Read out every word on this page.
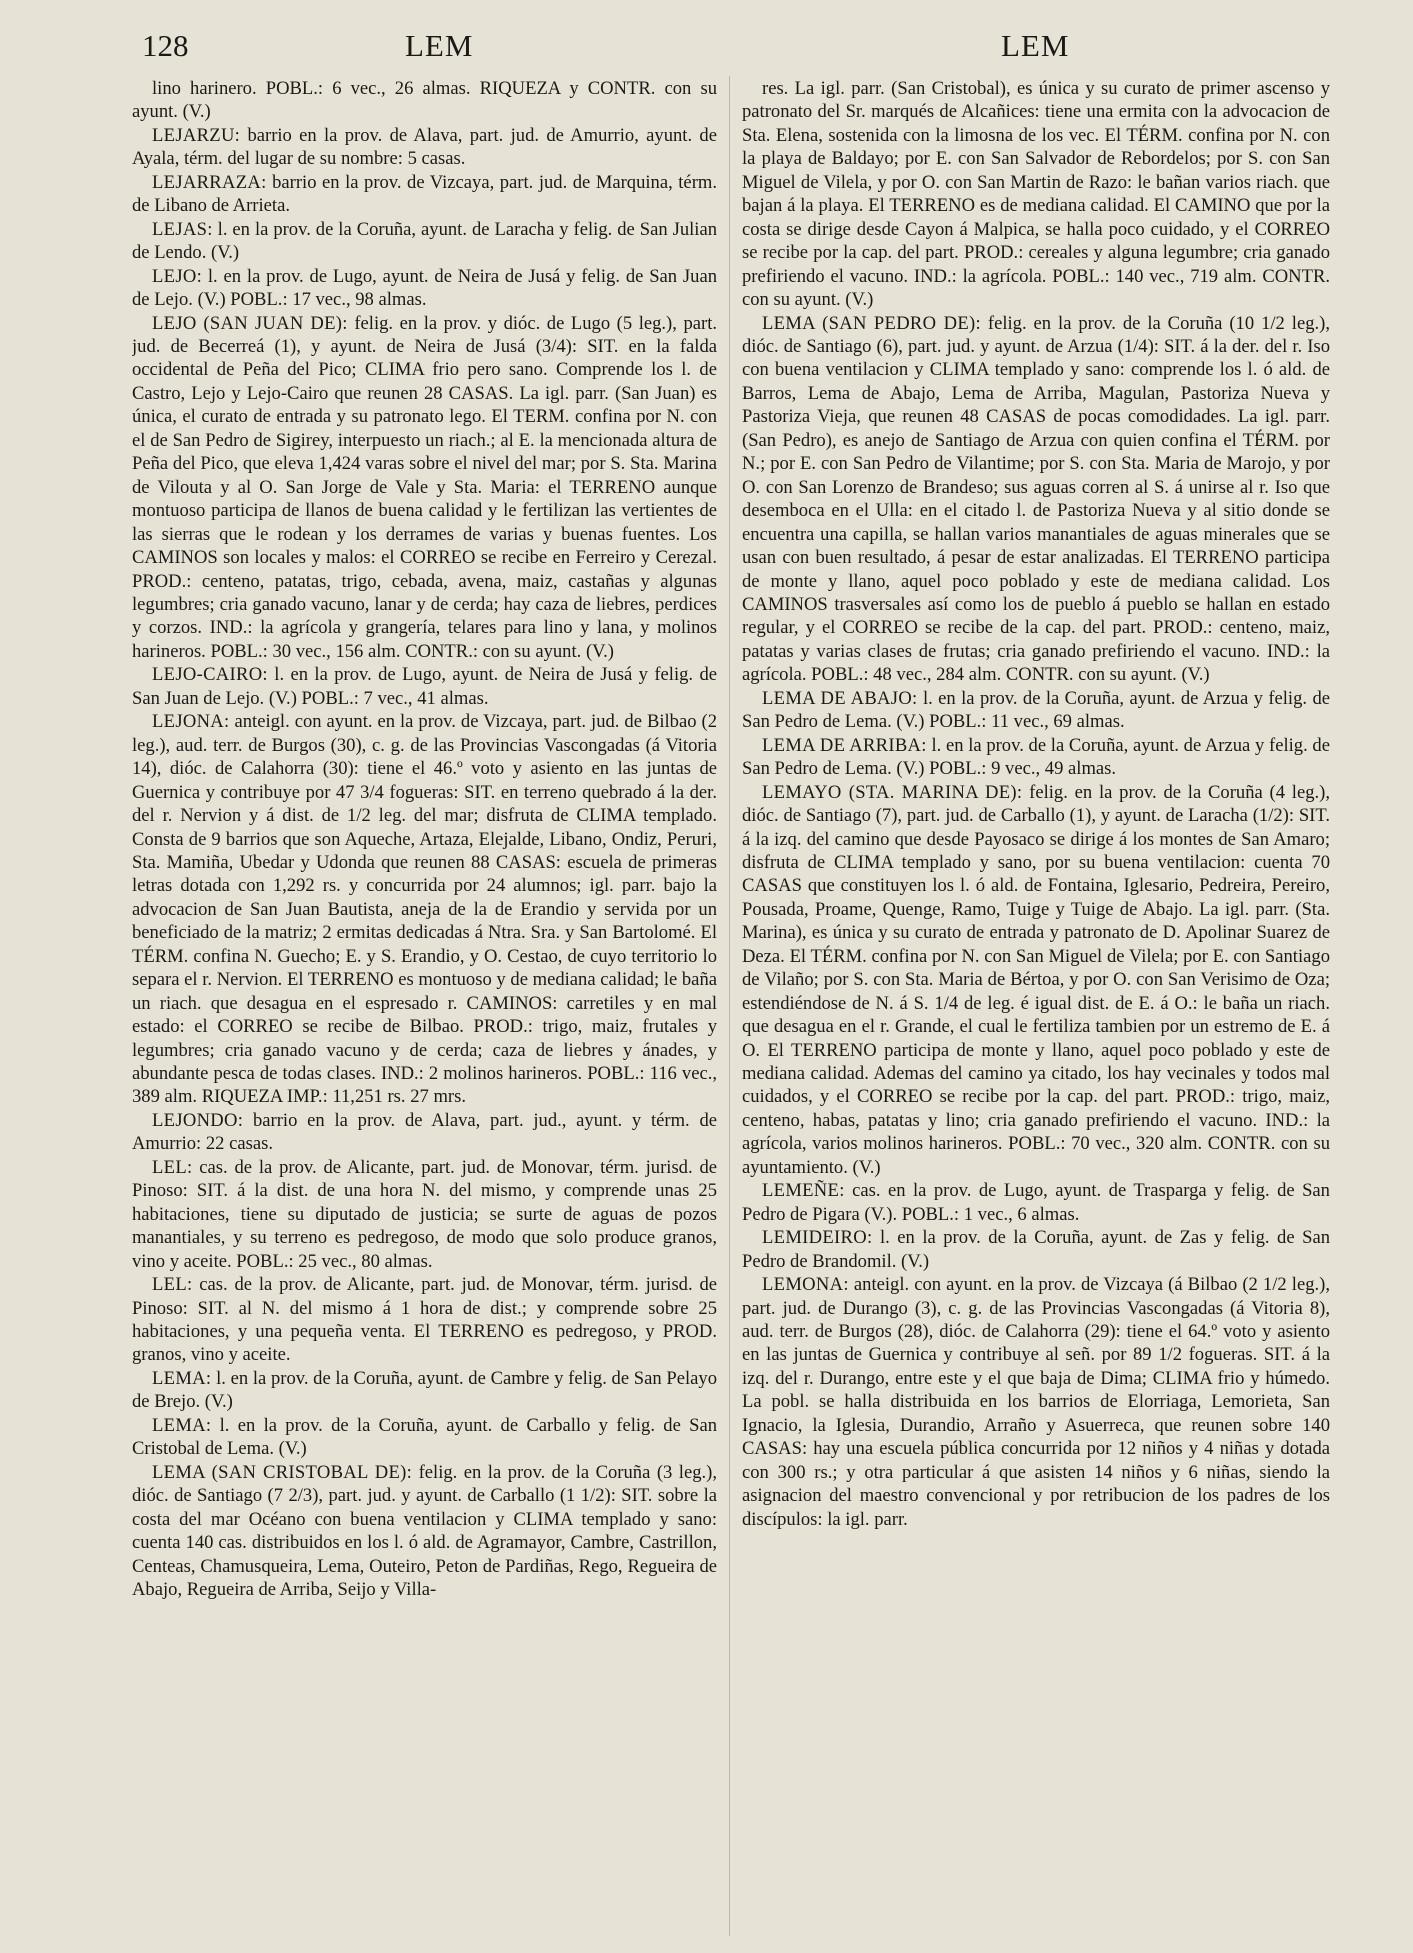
128	LEM	LEM

lino harinero. POBL.: 6 vec., 26 almas. RIQUEZA y CONTR. con su ayunt. (V.)

LEJARZU: barrio en la prov. de Alava, part. jud. de Amurrio, ayunt. de Ayala, térm. del lugar de su nombre: 5 casas.

LEJARRAZA: barrio en la prov. de Vizcaya, part. jud. de Marquina, térm. de Libano de Arrieta.

LEJAS: l. en la prov. de la Coruña, ayunt. de Laracha y felig. de San Julian de Lendo. (V.)

LEJO: l. en la prov. de Lugo, ayunt. de Neira de Jusá y felig. de San Juan de Lejo. (V.) POBL.: 17 vec., 98 almas.

LEJO (SAN JUAN DE): felig. en la prov. y dióc. de Lugo (5 leg.), part. jud. de Becerreá (1), y ayunt. de Neira de Jusá (3/4): SIT. en la falda occidental de Peña del Pico; CLIMA frio pero sano. Comprende los l. de Castro, Lejo y Lejo-Cairo que reunen 28 CASAS. La igl. parr. (San Juan) es única, el curato de entrada y su patronato lego. El TERM. confina por N. con el de San Pedro de Sigirey, interpuesto un riach.; al E. la mencionada altura de Peña del Pico, que eleva 1,424 varas sobre el nivel del mar; por S. Sta. Marina de Vilouta y al O. San Jorge de Vale y Sta. Maria: el TERRENO aunque montuoso participa de llanos de buena calidad y le fertilizan las vertientes de las sierras que le rodean y los derrames de varias y buenas fuentes. Los CAMINOS son locales y malos: el CORREO se recibe en Ferreiro y Cerezal. PROD.: centeno, patatas, trigo, cebada, avena, maiz, castañas y algunas legumbres; cria ganado vacuno, lanar y de cerda; hay caza de liebres, perdices y corzos. IND.: la agrícola y grangería, telares para lino y lana, y molinos harineros. POBL.: 30 vec., 156 alm. CONTR.: con su ayunt. (V.)

LEJO-CAIRO: l. en la prov. de Lugo, ayunt. de Neira de Jusá y felig. de San Juan de Lejo. (V.) POBL.: 7 vec., 41 almas.

LEJONA: anteigl. con ayunt. en la prov. de Vizcaya, part. jud. de Bilbao (2 leg.), aud. terr. de Burgos (30), c. g. de las Provincias Vascongadas (á Vitoria 14), dióc. de Calahorra (30): tiene el 46.º voto y asiento en las juntas de Guernica y contribuye por 47 3/4 fogueras: SIT. en terreno quebrado á la der. del r. Nervion y á dist. de 1/2 leg. del mar; disfruta de CLIMA templado. Consta de 9 barrios que son Aqueche, Artaza, Elejalde, Libano, Ondiz, Peruri, Sta. Mamiña, Ubedar y Udonda que reunen 88 CASAS: escuela de primeras letras dotada con 1,292 rs. y concurrida por 24 alumnos; igl. parr. bajo la advocacion de San Juan Bautista, aneja de la de Erandio y servida por un beneficiado de la matriz; 2 ermitas dedicadas á Ntra. Sra. y San Bartolomé. El TÉRM. confina N. Guecho; E. y S. Erandio, y O. Cestao, de cuyo territorio lo separa el r. Nervion. El TERRENO es montuoso y de mediana calidad; le baña un riach. que desagua en el espresado r. CAMINOS: carretiles y en mal estado: el CORREO se recibe de Bilbao. PROD.: trigo, maiz, frutales y legumbres; cria ganado vacuno y de cerda; caza de liebres y ánades, y abundante pesca de todas clases. IND.: 2 molinos harineros. POBL.: 116 vec., 389 alm. RIQUEZA IMP.: 11,251 rs. 27 mrs.

LEJONDO: barrio en la prov. de Alava, part. jud., ayunt. y térm. de Amurrio: 22 casas.

LEL: cas. de la prov. de Alicante, part. jud. de Monovar, térm. jurisd. de Pinoso: SIT. á la dist. de una hora N. del mismo, y comprende unas 25 habitaciones, tiene su diputado de justicia; se surte de aguas de pozos manantiales, y su terreno es pedregoso, de modo que solo produce granos, vino y aceite. POBL.: 25 vec., 80 almas.

LEL: cas. de la prov. de Alicante, part. jud. de Monovar, térm. jurisd. de Pinoso: SIT. al N. del mismo á 1 hora de dist.; y comprende sobre 25 habitaciones, y una pequeña venta. El TERRENO es pedregoso, y PROD. granos, vino y aceite.

LEMA: l. en la prov. de la Coruña, ayunt. de Cambre y felig. de San Pelayo de Brejo. (V.)

LEMA: l. en la prov. de la Coruña, ayunt. de Carballo y felig. de San Cristobal de Lema. (V.)

LEMA (SAN CRISTOBAL DE): felig. en la prov. de la Coruña (3 leg.), dióc. de Santiago (7 2/3), part. jud. y ayunt. de Carballo (1 1/2): SIT. sobre la costa del mar Océano con buena ventilacion y CLIMA templado y sano: cuenta 140 cas. distribuidos en los l. ó ald. de Agramayor, Cambre, Castrillon, Centeas, Chamusqueira, Lema, Outeiro, Peton de Pardiñas, Rego, Regueira de Abajo, Regueira de Arriba, Seijo y Villa-

res. La igl. parr. (San Cristobal), es única y su curato de primer ascenso y patronato del Sr. marqués de Alcañices: tiene una ermita con la advocacion de Sta. Elena, sostenida con la limosna de los vec. El TÉRM. confina por N. con la playa de Baldayo; por E. con San Salvador de Rebordelos; por S. con San Miguel de Vilela, y por O. con San Martin de Razo: le bañan varios riach. que bajan á la playa. El TERRENO es de mediana calidad. El CAMINO que por la costa se dirige desde Cayon á Malpica, se halla poco cuidado, y el CORREO se recibe por la cap. del part. PROD.: cereales y alguna legumbre; cria ganado prefiriendo el vacuno. IND.: la agrícola. POBL.: 140 vec., 719 alm. CONTR. con su ayunt. (V.)

LEMA (SAN PEDRO DE): felig. en la prov. de la Coruña (10 1/2 leg.), dióc. de Santiago (6), part. jud. y ayunt. de Arzua (1/4): SIT. á la der. del r. Iso con buena ventilacion y CLIMA templado y sano: comprende los l. ó ald. de Barros, Lema de Abajo, Lema de Arriba, Magulan, Pastoriza Nueva y Pastoriza Vieja, que reunen 48 CASAS de pocas comodidades. La igl. parr. (San Pedro), es anejo de Santiago de Arzua con quien confina el TÉRM. por N.; por E. con San Pedro de Vilantime; por S. con Sta. Maria de Marojo, y por O. con San Lorenzo de Brandeso; sus aguas corren al S. á unirse al r. Iso que desemboca en el Ulla: en el citado l. de Pastoriza Nueva y al sitio donde se encuentra una capilla, se hallan varios manantiales de aguas minerales que se usan con buen resultado, á pesar de estar analizadas. El TERRENO participa de monte y llano, aquel poco poblado y este de mediana calidad. Los CAMINOS trasversales así como los de pueblo á pueblo se hallan en estado regular, y el CORREO se recibe de la cap. del part. PROD.: centeno, maiz, patatas y varias clases de frutas; cria ganado prefiriendo el vacuno. IND.: la agrícola. POBL.: 48 vec., 284 alm. CONTR. con su ayunt. (V.)

LEMA DE ABAJO: l. en la prov. de la Coruña, ayunt. de Arzua y felig. de San Pedro de Lema. (V.) POBL.: 11 vec., 69 almas.

LEMA DE ARRIBA: l. en la prov. de la Coruña, ayunt. de Arzua y felig. de San Pedro de Lema. (V.) POBL.: 9 vec., 49 almas.

LEMAYO (STA. MARINA DE): felig. en la prov. de la Coruña (4 leg.), dióc. de Santiago (7), part. jud. de Carballo (1), y ayunt. de Laracha (1/2): SIT. á la izq. del camino que desde Payosaco se dirige á los montes de San Amaro; disfruta de CLIMA templado y sano, por su buena ventilacion: cuenta 70 CASAS que constituyen los l. ó ald. de Fontaina, Iglesario, Pedreira, Pereiro, Pousada, Proame, Quenge, Ramo, Tuige y Tuige de Abajo. La igl. parr. (Sta. Marina), es única y su curato de entrada y patronato de D. Apolinar Suarez de Deza. El TÉRM. confina por N. con San Miguel de Vilela; por E. con Santiago de Vilaño; por S. con Sta. Maria de Bértoa, y por O. con San Verisimo de Oza; estendiéndose de N. á S. 1/4 de leg. é igual dist. de E. á O.: le baña un riach. que desagua en el r. Grande, el cual le fertiliza tambien por un estremo de E. á O. El TERRENO participa de monte y llano, aquel poco poblado y este de mediana calidad. Ademas del camino ya citado, los hay vecinales y todos mal cuidados, y el CORREO se recibe por la cap. del part. PROD.: trigo, maiz, centeno, habas, patatas y lino; cria ganado prefiriendo el vacuno. IND.: la agrícola, varios molinos harineros. POBL.: 70 vec., 320 alm. CONTR. con su ayuntamiento. (V.)

LEMEÑE: cas. en la prov. de Lugo, ayunt. de Trasparga y felig. de San Pedro de Pigara (V.). POBL.: 1 vec., 6 almas.

LEMIDEIRO: l. en la prov. de la Coruña, ayunt. de Zas y felig. de San Pedro de Brandomil. (V.)

LEMONA: anteigl. con ayunt. en la prov. de Vizcaya (á Bilbao (2 1/2 leg.), part. jud. de Durango (3), c. g. de las Provincias Vascongadas (á Vitoria 8), aud. terr. de Burgos (28), dióc. de Calahorra (29): tiene el 64.º voto y asiento en las juntas de Guernica y contribuye al señ. por 89 1/2 fogueras. SIT. á la izq. del r. Durango, entre este y el que baja de Dima; CLIMA frio y húmedo. La pobl. se halla distribuida en los barrios de Elorriaga, Lemorieta, San Ignacio, la Iglesia, Durandio, Arraño y Asuerreca, que reunen sobre 140 CASAS: hay una escuela pública concurrida por 12 niños y 4 niñas y dotada con 300 rs.; y otra particular á que asisten 14 niños y 6 niñas, siendo la asignacion del maestro convencional y por retribucion de los padres de los discípulos: la igl. parr.
